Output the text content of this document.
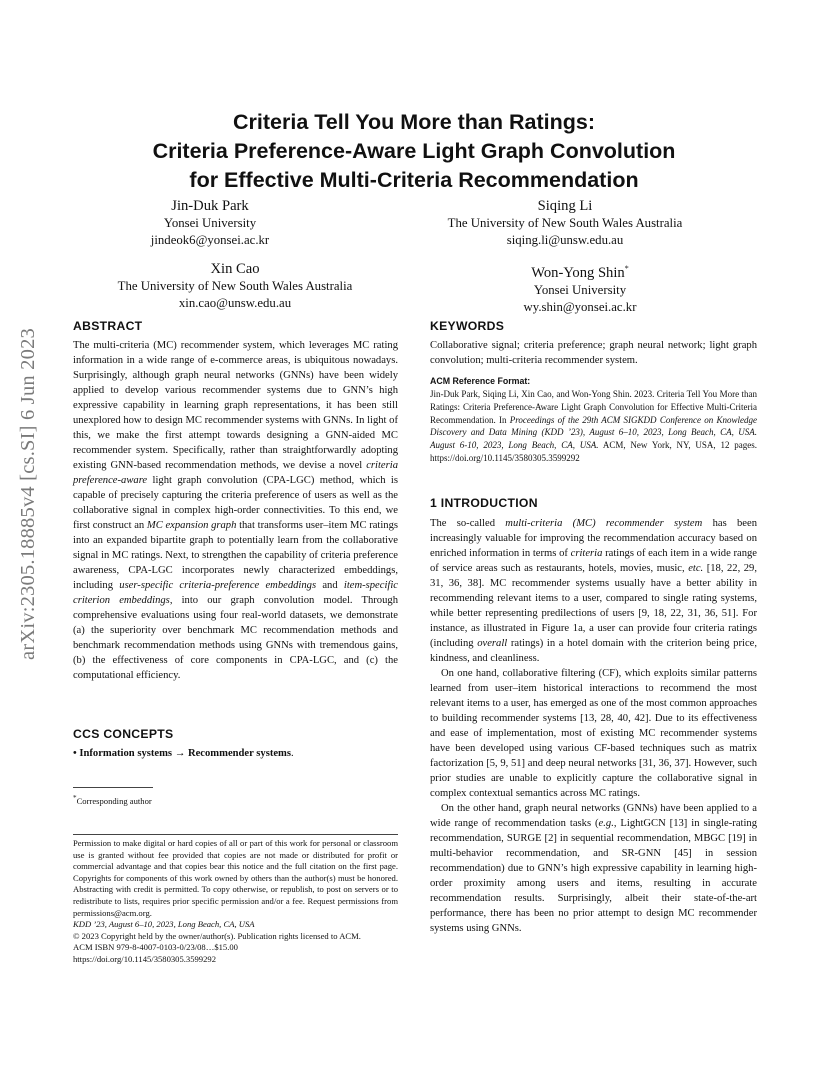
arXiv:2305.18885v4 [cs.SI] 6 Jun 2023
Criteria Tell You More than Ratings:
Criteria Preference-Aware Light Graph Convolution
for Effective Multi-Criteria Recommendation
Jin-Duk Park
Yonsei University
jindeok6@yonsei.ac.kr
Siqing Li
The University of New South Wales Australia
siqing.li@unsw.edu.au
Xin Cao
The University of New South Wales Australia
xin.cao@unsw.edu.au
Won-Yong Shin*
Yonsei University
wy.shin@yonsei.ac.kr
ABSTRACT

The multi-criteria (MC) recommender system, which leverages MC rating information in a wide range of e-commerce areas, is ubiquitous nowadays. Surprisingly, although graph neural networks (GNNs) have been widely applied to develop various recommender systems due to GNN’s high expressive capability in learning graph representations, it has been still unexplored how to design MC recommender systems with GNNs. In light of this, we make the first attempt towards designing a GNN-aided MC recommender system. Specifically, rather than straightforwardly adopting existing GNN-based recommendation methods, we devise a novel criteria preference-aware light graph convolution (CPA-LGC) method, which is capable of precisely capturing the criteria preference of users as well as the collaborative signal in complex high-order connectivities. To this end, we first construct an MC expansion graph that transforms user–item MC ratings into an expanded bipartite graph to potentially learn from the collaborative signal in MC ratings. Next, to strengthen the capability of criteria preference awareness, CPA-LGC incorporates newly characterized embeddings, including user-specific criteria-preference embeddings and item-specific criterion embeddings, into our graph convolution model. Through comprehensive evaluations using four real-world datasets, we demonstrate (a) the superiority over benchmark MC recommendation methods and benchmark recommendation methods using GNNs with tremendous gains, (b) the effectiveness of core components in CPA-LGC, and (c) the computational efficiency.

CCS CONCEPTS
• Information systems → Recommender systems.
*Corresponding author
Permission to make digital or hard copies of all or part of this work for personal or classroom use is granted without fee provided that copies are not made or distributed for profit or commercial advantage and that copies bear this notice and the full citation on the first page. Copyrights for components of this work owned by others than the author(s) must be honored. Abstracting with credit is permitted. To copy otherwise, or republish, to post on servers or to redistribute to lists, requires prior specific permission and/or a fee. Request permissions from permissions@acm.org.
KDD ’23, August 6–10, 2023, Long Beach, CA, USA
© 2023 Copyright held by the owner/author(s). Publication rights licensed to ACM.
ACM ISBN 979-8-4007-0103-0/23/08…$15.00
https://doi.org/10.1145/3580305.3599292
KEYWORDS
Collaborative signal; criteria preference; graph neural network; light graph convolution; multi-criteria recommender system.
ACM Reference Format:
Jin-Duk Park, Siqing Li, Xin Cao, and Won-Yong Shin. 2023. Criteria Tell You More than Ratings: Criteria Preference-Aware Light Graph Convolution for Effective Multi-Criteria Recommendation. In Proceedings of the 29th ACM SIGKDD Conference on Knowledge Discovery and Data Mining (KDD ’23), August 6–10, 2023, Long Beach, CA, USA. August 6-10, 2023, Long Beach, CA, USA. ACM, New York, NY, USA, 12 pages. https://doi.org/10.1145/3580305.3599292
1 INTRODUCTION

The so-called multi-criteria (MC) recommender system has been increasingly valuable for improving the recommendation accuracy based on enriched information in terms of criteria ratings of each item in a wide range of service areas such as restaurants, hotels, movies, music, etc. [18, 22, 29, 31, 36, 38]. MC recommender systems usually have a better ability in recommending relevant items to a user, compared to single rating systems, while better representing predilections of users [9, 18, 22, 31, 36, 51]. For instance, as illustrated in Figure 1a, a user can provide four criteria ratings (including overall ratings) in a hotel domain with the criterion being price, kindness, and cleanliness.

On one hand, collaborative filtering (CF), which exploits similar patterns learned from user–item historical interactions to recommend the most relevant items to a user, has emerged as one of the most common approaches to building recommender systems [13, 28, 40, 42]. Due to its effectiveness and ease of implementation, most of existing MC recommender systems have been developed using various CF-based techniques such as matrix factorization [5, 9, 51] and deep neural networks [31, 36, 37]. However, such prior studies are unable to explicitly capture the collaborative signal in complex contextual semantics across MC ratings.

On the other hand, graph neural networks (GNNs) have been applied to a wide range of recommendation tasks (e.g., LightGCN [13] in single-rating recommendation, SURGE [2] in sequential recommendation, MBGC [19] in multi-behavior recommendation, and SR-GNN [45] in session recommendation) due to GNN’s high expressive capability in learning high-order proximity among users and items, resulting in accurate recommendation results. Surprisingly, albeit their state-of-the-art performance, there has been no prior attempt to design MC recommender systems using GNNs.
